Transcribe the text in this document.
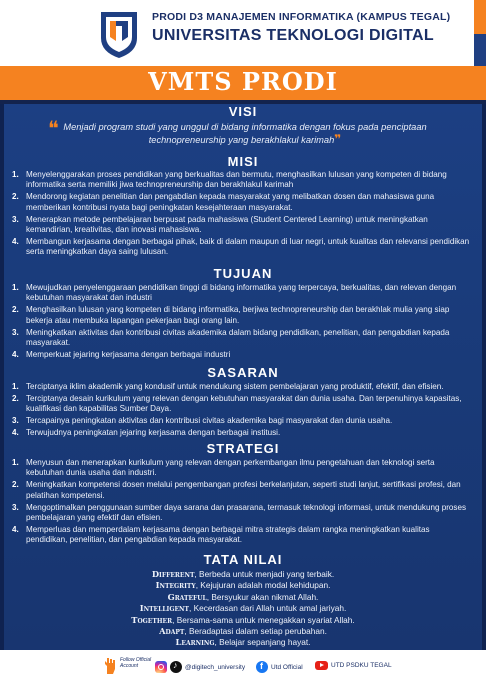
PRODI D3 MANAJEMEN INFORMATIKA (KAMPUS TEGAL)
UNIVERSITAS TEKNOLOGI DIGITAL
VMTS PRODI
VISI
❝ Menjadi program studi yang unggul di bidang informatika dengan fokus pada penciptaan technopreneurship yang berakhlakul karimah❞
MISI
1. Menyelenggarakan proses pendidikan yang berkualitas dan bermutu, menghasilkan lulusan yang kompeten di bidang informatika serta memiliki jiwa technopreneurship dan berakhlakul karimah
2. Mendorong kegiatan penelitian dan pengabdian kepada masyarakat yang melibatkan dosen dan mahasiswa guna memberikan kontribusi nyata bagi peningkatan kesejahteraan masyarakat.
3. Menerapkan metode pembelajaran berpusat pada mahasiswa (Student Centered Learning) untuk meningkatkan kemandirian, kreativitas, dan inovasi mahasiswa.
4. Membangun kerjasama dengan berbagai pihak, baik di dalam maupun di luar negri, untuk kualitas dan relevansi pendidikan serta meningkatkan daya saing lulusan.
TUJUAN
1. Mewujudkan penyelenggaraan pendidikan tinggi di bidang informatika yang terpercaya, berkualitas, dan relevan dengan kebutuhan masyarakat dan industri
2. Menghasilkan lulusan yang kompeten di bidang informatika, berjiwa technopreneurship dan berakhlak mulia yang siap bekerja atau membuka lapangan pekerjaan bagi orang lain.
3. Meningkatkan aktivitas dan kontribusi civitas akademika dalam bidang pendidikan, penelitian, dan pengabdian kepada masyarakat.
4. Memperkuat jejaring kerjasama dengan berbagai industri
SASARAN
1. Terciptanya iklim akademik yang kondusif untuk mendukung sistem pembelajaran yang produktif, efektif, dan efisien.
2. Terciptanya desain kurikulum yang relevan dengan kebutuhan masyarakat dan dunia usaha. Dan terpenuhinya kapasitas, kualifikasi dan kapabilitas Sumber Daya.
3. Tercapainya peningkatan aktivitas dan kontribusi civitas akademika bagi masyarakat dan dunia usaha.
4. Terwujudnya peningkatan jejaring kerjasama dengan berbagai institusi.
STRATEGI
1. Menyusun dan menerapkan kurikulum yang relevan dengan perkembangan ilmu pengetahuan dan teknologi serta kebutuhan dunia usaha dan industri.
2. Meningkatkan kompetensi dosen melalui pengembangan profesi berkelanjutan, seperti studi lanjut, sertifikasi profesi, dan pelatihan kompetensi.
3. Mengoptimalkan penggunaan sumber daya sarana dan prasarana, termasuk teknologi informasi, untuk mendukung proses pembelajaran yang efektif dan efisien.
4. Memperluas dan memperdalam kerjasama dengan berbagai mitra strategis dalam rangka meningkatkan kualitas pendidikan, penelitian, dan pengabdian kepada masyarakat.
TATA NILAI
Different, Berbeda untuk menjadi yang terbaik.
Integrity, Kejujuran adalah modal kehidupan.
Grateful, Bersyukur akan nikmat Allah.
Intelligent, Kecerdasan dari Allah untuk amal jariyah.
Together, Bersama-sama untuk menegakkan syariat Allah.
Adapt, Beradaptasi dalam setiap perubahan.
Learning, Belajar sepanjang hayat.
Follow Official Account ♪	@digitech_university f	Utd Official	UTD PSDKU TEGAL
